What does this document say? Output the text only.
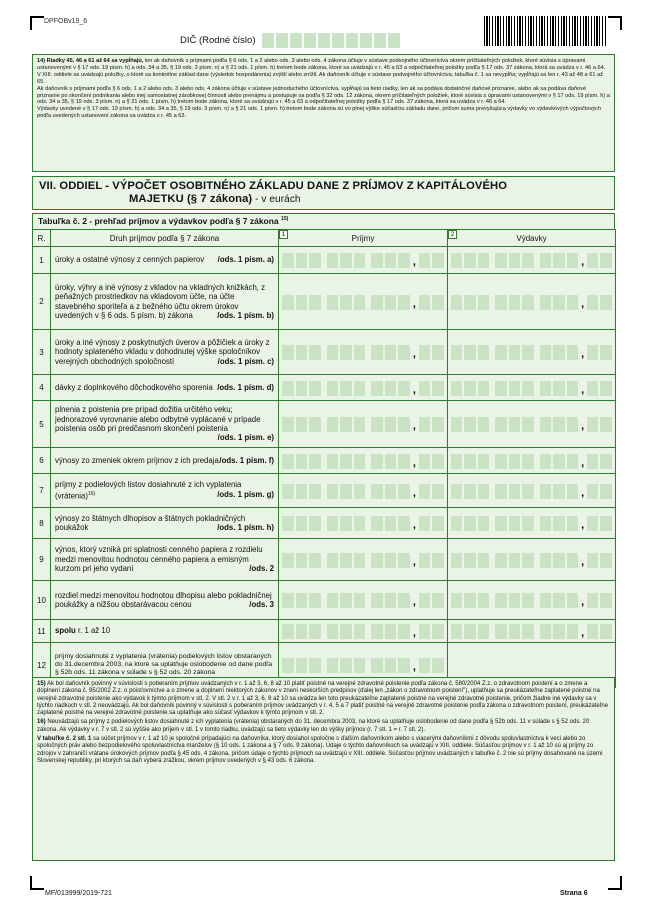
DPFOBv19_6
DIČ (Rodné číslo)

14) Riadky 45, 46 a 61 až 64 sa vypĺňajú, len ak daňovník s príjmami podľa § 6 ods. 1 a 2 alebo ods. 3 alebo ods. 4 zákona účtuje v sústave podvojného účtovníctva okrem príčitateľných položiek, ktoré súvisia s úpravami ustanovenými v § 17 ods. 19 písm. h) a ods. 34 a 35, § 19 ods. 3 písm. n) a § 21 ods. 1 písm. h) tretom bode zákona, ktoré sa uvádzajú v r. 45 a 63 a odpočítateľnej položky podľa § 17 ods. 37 zákona, ktorá sa uvádza v r. 46 a 64. V XIII. oddiele sa uvádzajú položky, o ktoré sa konkrétne základ dane (výsledok hospodárenia) zvýšil alebo znížil. Ak daňovník účtuje v sústave podvojného účtovníctva, tabuľka č. 1 sa nevypĺňa; vypĺňajú sa len r. 43 až 48 a 61 až 65.

Ak daňovník s príjmami podľa § 6 ods. 1 a 2 alebo ods. 3 alebo ods. 4 zákona účtuje v sústave jednoduchého účtovníctva, vypĺňajú sa tieto riadky, len ak sa podáva dodatočné daňové priznanie, alebo ak sa podáva daňové priznanie po skončení podnikania alebo inej samostatnej zárobkovej činnosti alebo prenájmu a postupuje sa podľa § 32 ods. 12 zákona, okrem príčitateľných položiek, ktoré súvisia s úpravami ustanovenými v § 17 ods. 19 písm. h) a ods. 34 a 35, § 19 ods. 3 písm. n) a § 21 ods. 1 písm. h) tretom bode zákona, ktoré sa uvádzajú v r. 45 a 63 a odpočítateľnej položky podľa § 17 ods. 37 zákona, ktorá sa uvádza v r. 46 a 64.

Výdavky uvedené v § 17 ods. 19 písm. h) a ods. 34 a 35, § 19 ods. 3 písm. n) a § 21 ods. 1 písm. h) tretom bode zákona sú vo plnej výške súčasťou základu dane, pričom suma prevyšujúca výdavky vo výdavkových výpočtových podľa uvedených ustanovení zákona sa uvádza v r. 45 a 63.

VII. ODDIEL - VÝPOČET OSOBITNÉHO ZÁKLADU DANE Z PRÍJMOV Z KAPITÁLOVÉHO
MAJETKU (§ 7 zákona) - v eurách
Tabuľka č. 2 - prehľad príjmov a výdavkov podľa § 7 zákona $^{15)}$
R.	Druh príjmov podľa § 7 zákona	1 Príjmy	2 Výdavky
1	úroky a ostatné výnosy z cenných papierov /ods. 1 písm. a)	,	,

2	úroky, výhry a iné výnosy z vkladov na vkladných knižkách, z peňažných prostriedkov na vkladovom účte, na účte stavebného sporiteľa a z bežného účtu okrem úrokov uvedených v § 6 ods. 5 písm. b) zákona /ods. 1 písm. b)	,	,

3	úroky a iné výnosy z poskytnutých úverov a pôžičiek a úroky z hodnoty splateného vkladu v dohodnutej výške spoločníkov verejných obchodných spoločností /ods. 1 písm. c)	,	,

4	dávky z doplnkového dôchodkového sporenia /ods. 1 písm. d)	,	,

5	plnenia z poistenia pre prípad dožitia určitého veku; jednorazové vyrovnanie alebo odbytné vyplácané v prípade poistenia osôb pri predčasnom skončení poistenia
/ods. 1 písm. e)	,	,

6	výnosy zo zmeniek okrem príjmov z ich predaja /ods. 1 písm. f)	,	,

7	príjmy z podielových listov dosiahnuté z ich vyplatenia (vrátenia)$^{16)}$ /ods. 1 písm. g)	,	,

8	výnosy zo štátnych dlhopisov a štátnych pokladničných poukážok /ods. 1 písm. h)	,	,

9	výnos, ktorý vzniká pri splatnosti cenného papiera z rozdielu medzi menovitou hodnotou cenného papiera a emisným kurzom pri jeho vydaní /ods. 2	,	,

10	rozdiel medzi menovitou hodnotou dlhopisu alebo pokladničnej poukážky a nižšou obstarávacou cenou /ods. 3	,	,

11	spolu r. 1 až 10	,	,

12	príjmy dosiahnuté z vyplatenia (vrátenia) podielových listov obstaraných do 31.decembra 2003, na ktoré sa uplatňuje oslobodenie od dane podľa § 52b ods. 11 zákona v súlade s § 52 ods. 20 zákona	,	

15) Ak bol daňovník povinný v súvislosti s poberaním príjmov uvádzaných v r. 1 až 3, 6, 8 až 10 platiť poistné na verejné zdravotné poistenie podľa zákona č. 580/2004 Z.z. o zdravotnom poistení a o zmene a doplnení zákona č. 95/2002 Z.z. o poisťovníctve a o zmene a doplnení niektorých zákonov v znení neskorších predpisov (ďalej len „zákon o zdravotnom poistení"), uplatňuje sa preukázateľne zaplatené poistné na verejné zdravotné poistenie ako výdavok k týmto príjmom v stl. 2. V stl. 2 v r. 1 až 3, 6, 8 až 10 sa uvádza len toto preukázateľne zaplatené poistné na verejné zdravotné poistenie, pričom žiadne iné výdavky sa v týchto riadkoch v stl. 2 neuvádzajú. Ak bol daňovník povinný v súvislosti s poberaním príjmov uvádzaných v r. 4, 5 a 7 platiť poistné na verejné zdravotné poistenie podľa zákona o zdravotnom poistení, preukázateľne zaplatené poistné na verejné zdravotné poistenie sa uplatňuje ako súčasť výdavkov k týmto príjmom v stl. 2.

16) Neuvádzajú sa príjmy z podielových listov dosiahnuté z ich vyplatenia (vrátenia) obstaraných do 31. decembra 2003, na ktoré sa uplatňuje oslobodenie od dane podľa § 52b ods. 11 v súlade s § 52 ods. 20 zákona. Ak výdavky v r. 7 v stl. 2 sú vyššie ako príjem v stl. 1 v tomto riadku, uvádzajú sa tieto výdavky len do výšky príjmov (r. 7 stl. 1 = r. 7 stl. 2).

V tabuľke č. 2 stl. 1 sa súčet príjmov v r. 1 až 10 je spoločné prípadajúci na daňovníka, ktorý dosiahol spoločne s ďalším daňovníkom alebo s viacerými daňovníkmi z dôvodu spoluvlastníctva k veci alebo zo spoločných práv alebo bezpodielového spoluvlastníctva manželov (§ 10 ods. 1 zákona a § 7 ods. 9 zákona). Údaje o týchto daňovníkoch sa uvádzajú v XIII. oddiele. Súčasťou príjmov v r. 1 až 10 sú aj príjmy zo zdrojov v zahraničí vrátane úrokových príjmov podľa § 45 ods. 4 zákona, pričom údaje o týchto príjmoch sa uvádzajú v XIII. oddiele. Súčasťou príjmov uvádzaných v tabuľke č. 2 nie sú príjmy dosahované na území Slovenskej republiky, pri ktorých sa daň vyberá zrážkou, okrem príjmov uvedených v § 43 ods. 6 zákona.

MF/013999/2019-721	Strana 6
